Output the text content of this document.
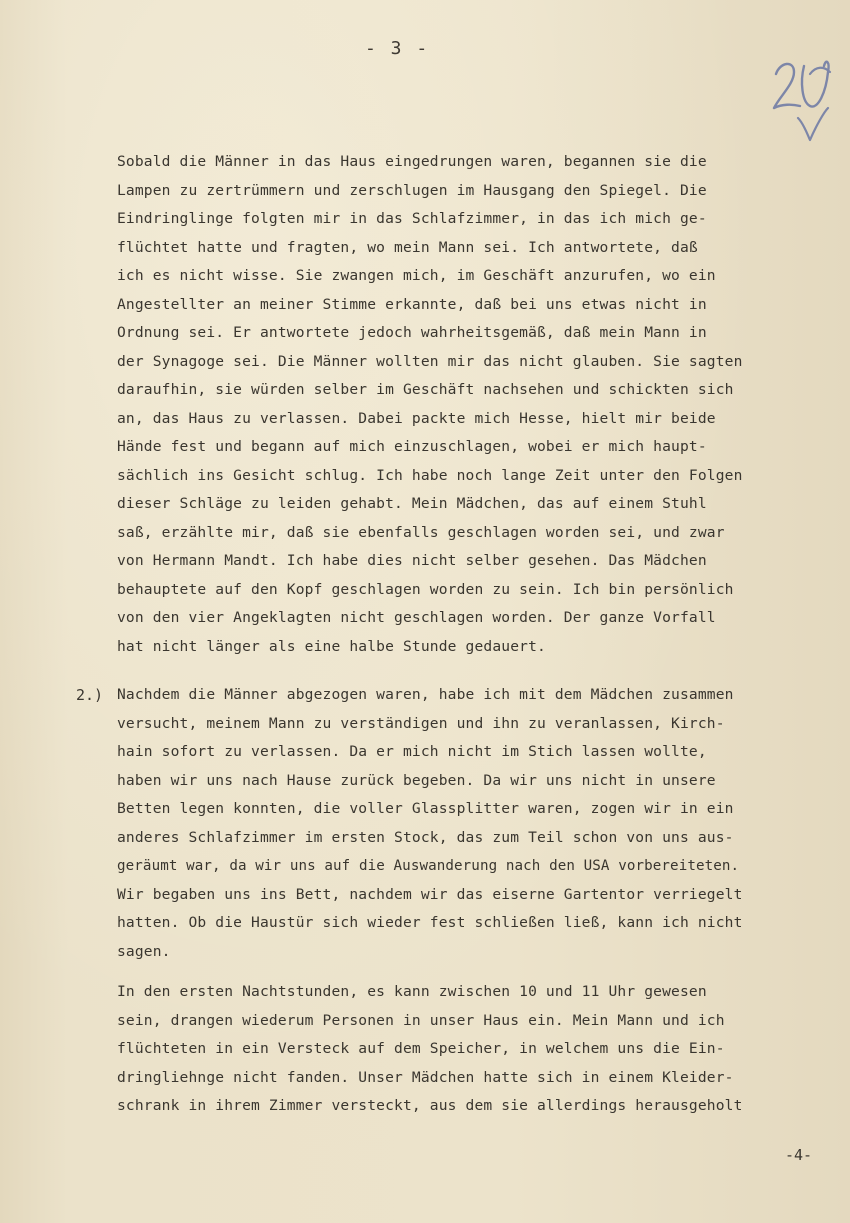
- 3 -
Sobald die Männer in das Haus eingedrungen waren, begannen sie die
Lampen zu zertrümmern und zerschlugen im Hausgang den Spiegel. Die
Eindringlinge folgten mir in das Schlafzimmer, in das ich mich ge-
flüchtet hatte und fragten, wo mein Mann sei. Ich antwortete, daß
ich es nicht wisse. Sie zwangen mich, im Geschäft anzurufen, wo ein
Angestellter an meiner Stimme erkannte, daß bei uns etwas nicht in
Ordnung sei. Er antwortete jedoch wahrheitsgemäß, daß mein Mann in
der Synagoge sei. Die Männer wollten mir das nicht glauben. Sie sagten
daraufhin, sie würden selber im Geschäft nachsehen und schickten sich
an, das Haus zu verlassen. Dabei packte mich Hesse, hielt mir beide
Hände fest und begann auf mich einzuschlagen, wobei er mich haupt-
sächlich ins Gesicht schlug. Ich habe noch lange Zeit unter den Folgen
dieser Schläge zu leiden gehabt. Mein Mädchen, das auf einem Stuhl
saß, erzählte mir, daß sie ebenfalls geschlagen worden sei, und zwar
von Hermann Mandt. Ich habe dies nicht selber gesehen. Das Mädchen
behauptete auf den Kopf geschlagen worden zu sein. Ich bin persönlich
von den vier Angeklagten nicht geschlagen worden. Der ganze Vorfall
hat nicht länger als eine halbe Stunde gedauert.
2.) Nachdem die Männer abgezogen waren, habe ich mit dem Mädchen zusammen
versucht, meinem Mann zu verständigen und ihn zu veranlassen, Kirch-
hain sofort zu verlassen. Da er mich nicht im Stich lassen wollte,
haben wir uns nach Hause zurück begeben. Da wir uns nicht in unsere
Betten legen konnten, die voller Glassplitter waren, zogen wir in ein
anderes Schlafzimmer im ersten Stock, das zum Teil schon von uns aus-
geräumt war, da wir uns auf die Auswanderung nach den USA vorbereiteten.
Wir begaben uns ins Bett, nachdem wir das eiserne Gartentor verriegelt
hatten. Ob die Haustür sich wieder fest schließen ließ, kann ich nicht
sagen.
In den ersten Nachtstunden, es kann zwischen 10 und 11 Uhr gewesen
sein, drangen wiederum Personen in unser Haus ein. Mein Mann und ich
flüchteten in ein Versteck auf dem Speicher, in welchem uns die Ein-
dringliehnge nicht fanden. Unser Mädchen hatte sich in einem Kleider-
schrank in ihrem Zimmer versteckt, aus dem sie allerdings herausgeholt
-4-
